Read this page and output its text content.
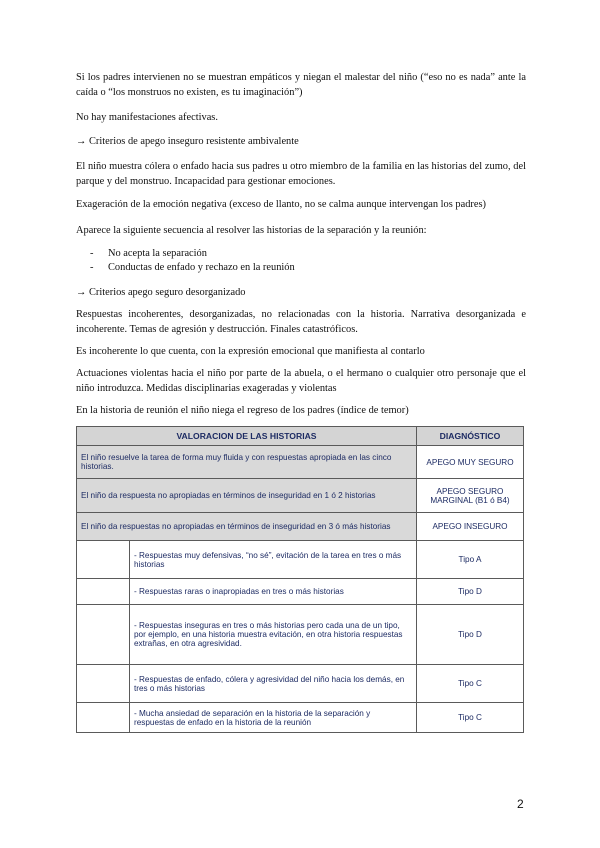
Si los padres intervienen no se muestran empáticos y niegan el malestar del niño (“eso no es nada” ante la caída o “los monstruos no existen, es tu imaginación”)
No hay manifestaciones afectivas.
→ Criterios de apego inseguro resistente ambivalente
El niño muestra cólera o enfado hacia sus padres u otro miembro de la familia en las historias del zumo, del parque y del monstruo. Incapacidad para gestionar emociones.
Exageración de la emoción negativa (exceso de llanto, no se calma aunque intervengan los padres)
Aparece la siguiente secuencia al resolver las historias de la separación y la reunión:
- No acepta la separación
- Conductas de enfado y rechazo en la reunión
→ Criterios apego seguro desorganizado
Respuestas incoherentes, desorganizadas, no relacionadas con la historia. Narrativa desorganizada e incoherente. Temas de agresión y destrucción. Finales catastróficos.
Es incoherente lo que cuenta, con la expresión emocional que manifiesta al contarlo
Actuaciones violentas hacia el niño por parte de la abuela, o el hermano o cualquier otro personaje que el niño introduzca. Medidas disciplinarias exageradas y violentas
En la historia de reunión el niño niega el regreso de los padres (índice de temor)
VALORACION DE LAS HISTORIAS		DIAGNÓSTICO
El niño resuelve la tarea de forma muy fluida y con respuestas apropiada en las cinco historias.		APEGO MUY SEGURO
El niño da respuesta no apropiadas en términos de inseguridad en 1 ó 2 historias		APEGO SEGURO MARGINAL (B1 ó B4)
El niño da respuestas no apropiadas en términos de inseguridad en 3 ó más historias		APEGO INSEGURO
	- Respuestas muy defensivas, “no sé”, evitación de la tarea en tres o más historias	Tipo A
	- Respuestas raras o inapropiadas en tres o más historias	Tipo D
	- Respuestas inseguras en tres o más historias pero cada una de un tipo, por ejemplo, en una historia muestra evitación, en otra historia respuestas extrañas, en otra agresividad.	Tipo D
	- Respuestas de enfado, cólera y agresividad del niño hacia los demás, en tres o más historias	Tipo C
	- Mucha ansiedad de separación en la historia de la separación y respuestas de enfado en la historia de la reunión	Tipo C
2
